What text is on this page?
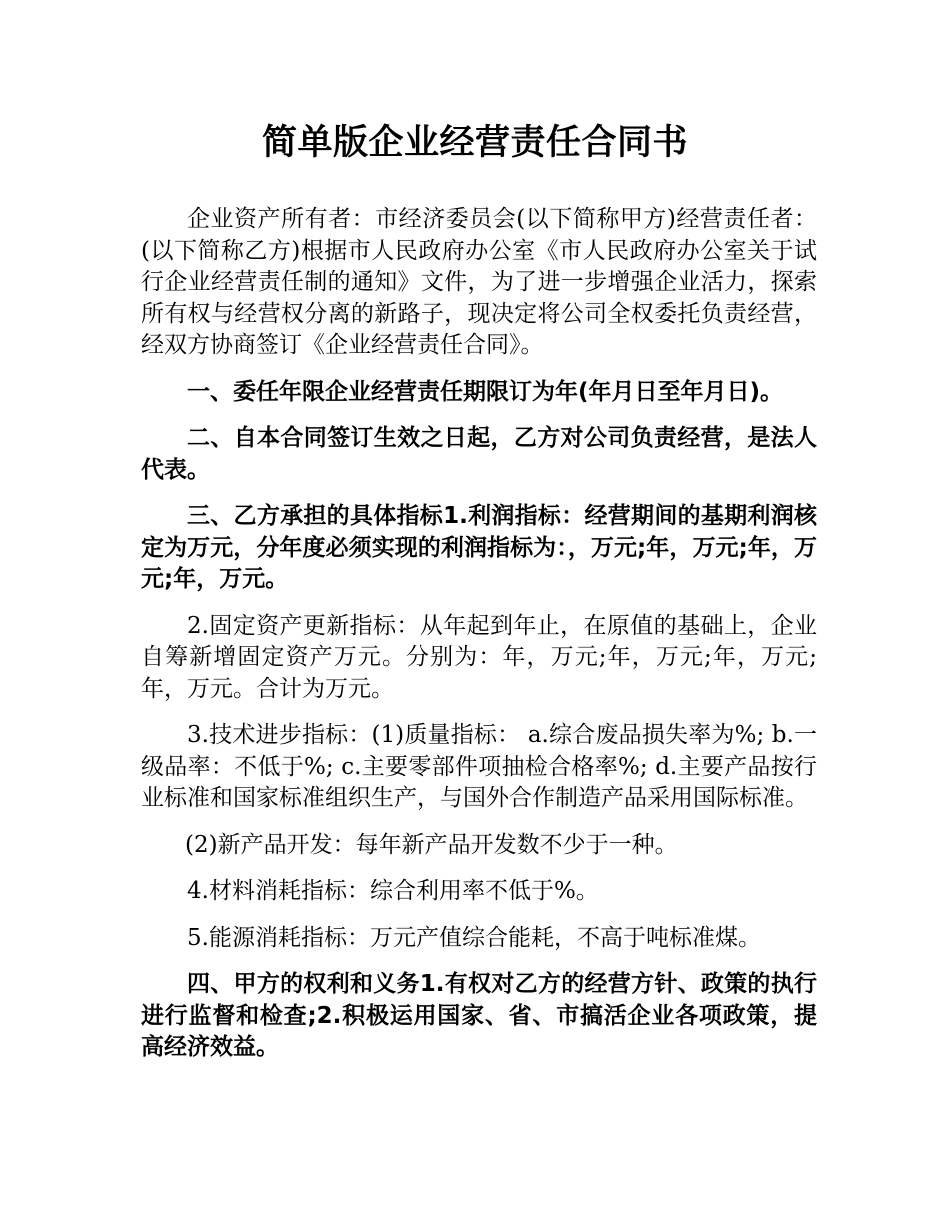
简单版企业经营责任合同书

企业资产所有者：市经济委员会(以下简称甲方)经营责任者：(以下简称乙方)根据市人民政府办公室《市人民政府办公室关于试行企业经营责任制的通知》文件，为了进一步增强企业活力，探索所有权与经营权分离的新路子，现决定将公司全权委托负责经营，经双方协商签订《企业经营责任合同》。

一、委任年限企业经营责任期限订为年(年月日至年月日)。

二、自本合同签订生效之日起，乙方对公司负责经营，是法人代表。

三、乙方承担的具体指标1.利润指标：经营期间的基期利润核定为万元，分年度必须实现的利润指标为：，万元;年，万元;年，万元;年，万元。

2.固定资产更新指标：从年起到年止，在原值的基础上，企业自筹新增固定资产万元。分别为：年，万元;年，万元;年，万元;年，万元。合计为万元。

3.技术进步指标：(1)质量指标： a.综合废品损失率为%; b.一级品率：不低于%; c.主要零部件项抽检合格率%; d.主要产品按行业标准和国家标准组织生产，与国外合作制造产品采用国际标准。

(2)新产品开发：每年新产品开发数不少于一种。

4.材料消耗指标：综合利用率不低于%。

5.能源消耗指标：万元产值综合能耗，不高于吨标准煤。

四、甲方的权利和义务1.有权对乙方的经营方针、政策的执行进行监督和检查;2.积极运用国家、省、市搞活企业各项政策，提高经济效益。
